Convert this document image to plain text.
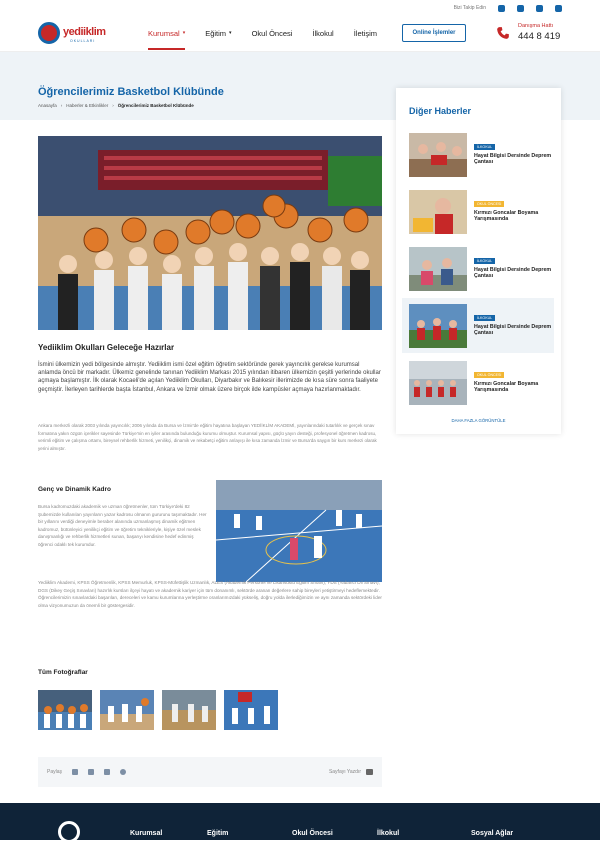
Bizi Takip Edin
yediiklim
OKULLARI
Kurumsal ▾	Eğitim ▾	Okul Öncesi	İlkokul	İletişim	Online İşlemler
Danışma Hattı
444 8 419
Öğrencilerimiz Basketbol Klübünde
Anasayfa › Haberler & Etkinlikler › Öğrencilerimiz Basketbol Klübünde
Yediiklim Okulları Geleceğe Hazırlar
İsmini ülkemizin yedi bölgesinde almıştır. Yediiklim ismi özel eğitim öğretim sektöründe gerek yayıncılık gerekse kurumsal anlamda öncü bir markadır. Ülkemiz genelinde tanınan Yediiklim Markası 2015 yılından itibaren ülkemizin çeşitli yerlerinde okullar açmaya başlamıştır. İlk olarak Kocaeli'de açılan Yediiklim Okulları, Diyarbakır ve Balıkesir illerimizde de kısa süre sonra faaliyete geçmiştir. İlerleyen tarihlerde başta İstanbul, Ankara ve İzmir olmak üzere birçok ilde kampüsler açmaya hazırlanmaktadır.
Ankara merkezli olarak 2003 yılında yayıncılık; 2006 yılında da Bursa ve İzmir'de eğitim hayatına başlayan YEDİİKLİM AKADEMİ, yayınlarındaki tutarlılık ve gerçek sınav formatına yakın özgün içerikler sayesinde Türkiye'nin en iyiler arasında bulunduğu kurumu olmuştur. Kurumsal yapısı, güçlü yayın desteği, profesyonel öğretmen kadrosu, verimli eğitim ve çalışma ortamı, bireysel rehberlik hizmeti, yenilikçi, dinamik ve rekabetçi eğitim anlayışı ile kısa zamanda İzmir ve Bursa'da saygın bir kurs merkezi olarak yerini almıştır.
Genç ve Dinamik Kadro
Bursa kadromuzdaki akademik ve uzman öğretmenler, tüm Türkiye'deki 82 Şubemizde kullanılan yayınların yazar kadrosu olmanın gururunu taşımaktadır. Her bir yıllarını verdiği deneyimle beraber alanında uzmanlaşmış dinamik eğitmen kadromuz, bütünleyici yenilikçi eğitim ve öğretim teknikleriyle, kişiye özel meslek danışmanlığı ve rehberlik hizmetleri sunan, başarıyı kendisine hedef edinmiş öğrenci odaklı tek kurumdur.
Yediiklim Akademi, KPSS Öğretmenlik, KPSS Memurluk, KPSS-Müfettişlik Uzmanlık, ALES (Akademik Personel ve Lisansüstü Eğitim Sınavı), YDS (Yabancı Dil Sınavı), DGS (Dikey Geçiş Sınavları) hazırlık kursları ilçeyi hayatı ve akademik kariyer için tüm donanımlı, sektörde aranan değerlere sahip bireyleri yetiştirmeyi hedeflemektedir. Öğrencilerimizin sınavlardaki başarıları, dereceleri ve kamu kurumlarına yerleştirme oranlarımızdaki yükseliş, doğru yolda ilerlediğimizin ve aynı zamanda sektördeki lider olma vizyonumuzun da önemli bir göstergesidir.
Tüm Fotoğraflar
Paylaş	Sayfayı Yazdır
Diğer Haberler
İLKOKUL
Hayat Bilgisi Dersinde Deprem Çantası
OKUL ÖNCESİ
Kırmızı Goncalar Boyama Yarışmasında
İLKOKUL
Hayat Bilgisi Dersinde Deprem Çantası
İLKOKUL
Hayat Bilgisi Dersinde Deprem Çantası
OKUL ÖNCESİ
Kırmızı Goncalar Boyama Yarışmasında
DAHA FAZLA GÖRÜNTÜLE
Kurumsal	Eğitim	Okul Öncesi	İlkokul	Sosyal Ağlar
